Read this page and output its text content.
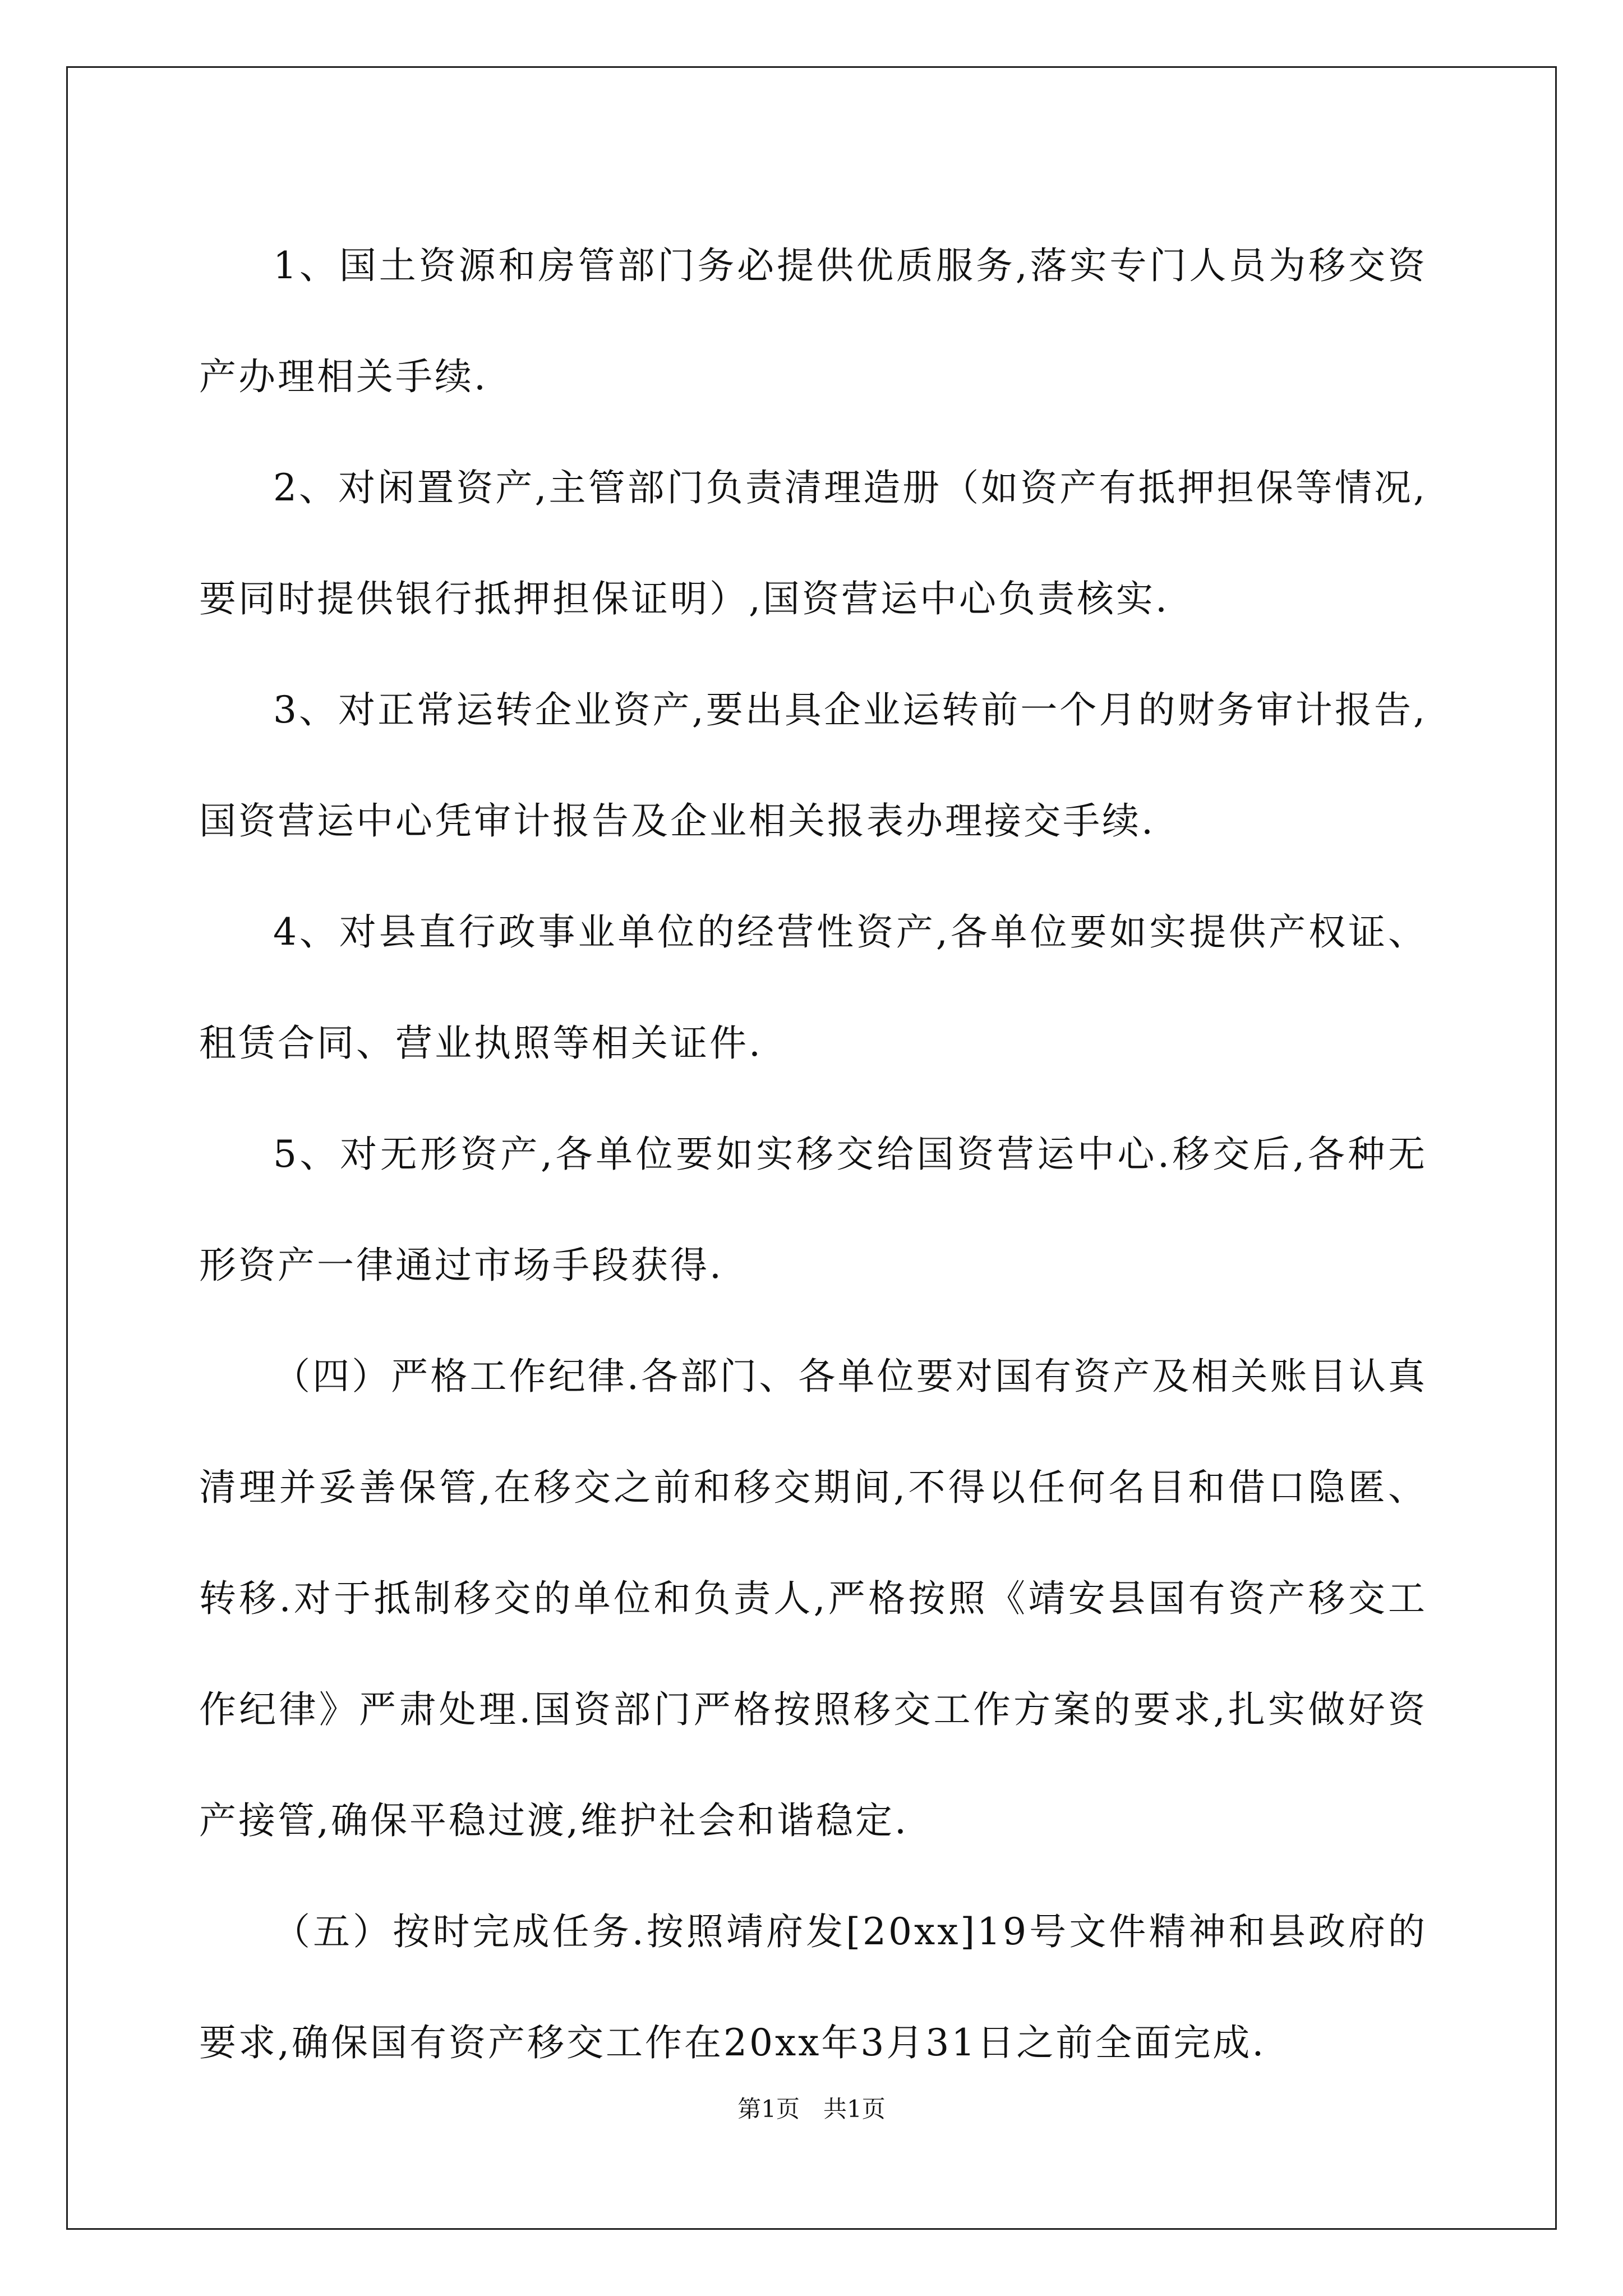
1、国土资源和房管部门务必提供优质服务,落实专门人员为移交资产办理相关手续.

2、对闲置资产,主管部门负责清理造册（如资产有抵押担保等情况,要同时提供银行抵押担保证明）,国资营运中心负责核实.

3、对正常运转企业资产,要出具企业运转前一个月的财务审计报告,国资营运中心凭审计报告及企业相关报表办理接交手续.

4、对县直行政事业单位的经营性资产,各单位要如实提供产权证、租赁合同、营业执照等相关证件.

5、对无形资产,各单位要如实移交给国资营运中心.移交后,各种无形资产一律通过市场手段获得.

（四）严格工作纪律.各部门、各单位要对国有资产及相关账目认真清理并妥善保管,在移交之前和移交期间,不得以任何名目和借口隐匿、转移.对于抵制移交的单位和负责人,严格按照《靖安县国有资产移交工作纪律》严肃处理.国资部门严格按照移交工作方案的要求,扎实做好资产接管,确保平稳过渡,维护社会和谐稳定.

（五）按时完成任务.按照靖府发[20xx]19号文件精神和县政府的要求,确保国有资产移交工作在20xx年3月31日之前全面完成.

第1页 共1页
